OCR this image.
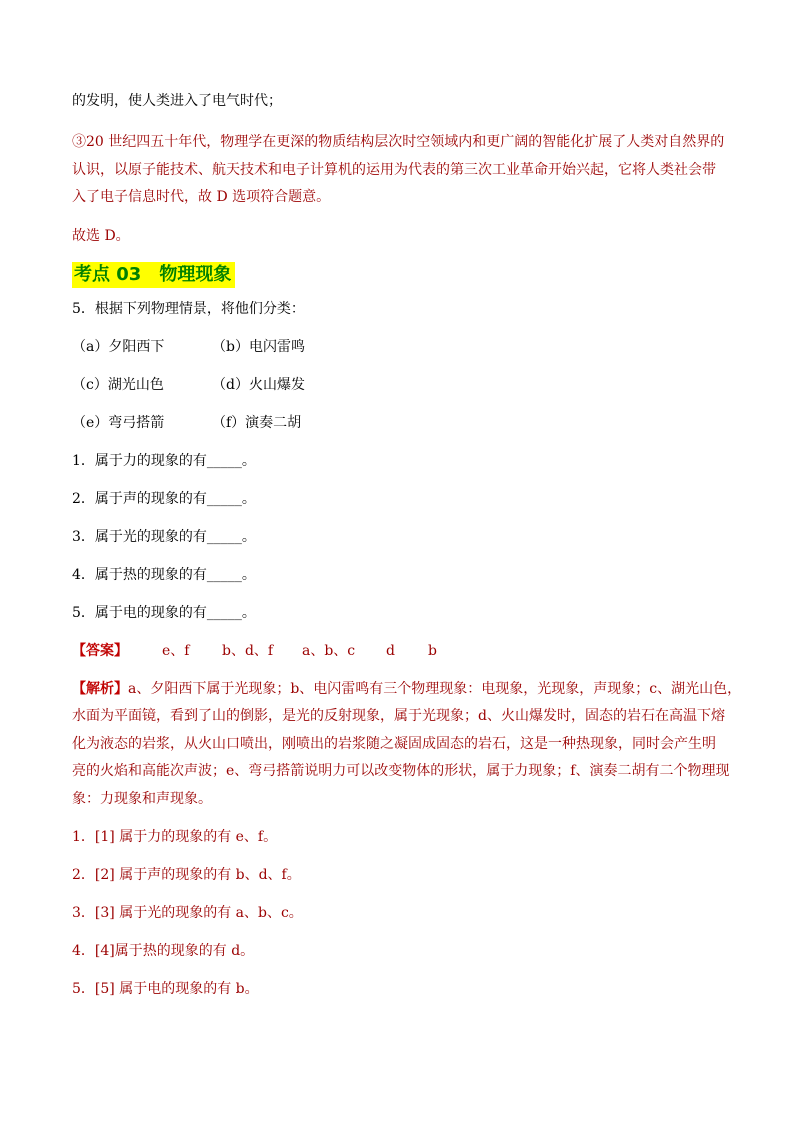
的发明，使人类进入了电气时代；
③20 世纪四五十年代，物理学在更深的物质结构层次时空领域内和更广阔的智能化扩展了人类对自然界的
认识，以原子能技术、航天技术和电子计算机的运用为代表的第三次工业革命开始兴起，它将人类社会带
入了电子信息时代，故 D 选项符合题意。
故选 D。
考点 03　物理现象
5．根据下列物理情景，将他们分类：
（a）夕阳西下	（b）电闪雷鸣
（c）湖光山色	（d）火山爆发
（e）弯弓搭箭	（f）演奏二胡
1．属于力的现象的有_____。
2．属于声的现象的有_____。
3．属于光的现象的有_____。
4．属于热的现象的有_____。
5．属于电的现象的有_____。
【答案】 e、f b、d、f a、b、c d b
【解析】a、夕阳西下属于光现象；b、电闪雷鸣有三个物理现象：电现象，光现象，声现象；c、湖光山色，
水面为平面镜，看到了山的倒影，是光的反射现象，属于光现象；d、火山爆发时，固态的岩石在高温下熔
化为液态的岩浆，从火山口喷出，刚喷出的岩浆随之凝固成固态的岩石，这是一种热现象，同时会产生明
亮的火焰和高能次声波；e、弯弓搭箭说明力可以改变物体的形状，属于力现象；f、演奏二胡有二个物理现
象：力现象和声现象。
1．[1] 属于力的现象的有 e、f。
2．[2] 属于声的现象的有 b、d、f。
3．[3] 属于光的现象的有 a、b、c。
4．[4]属于热的现象的有 d。
5．[5] 属于电的现象的有 b。
